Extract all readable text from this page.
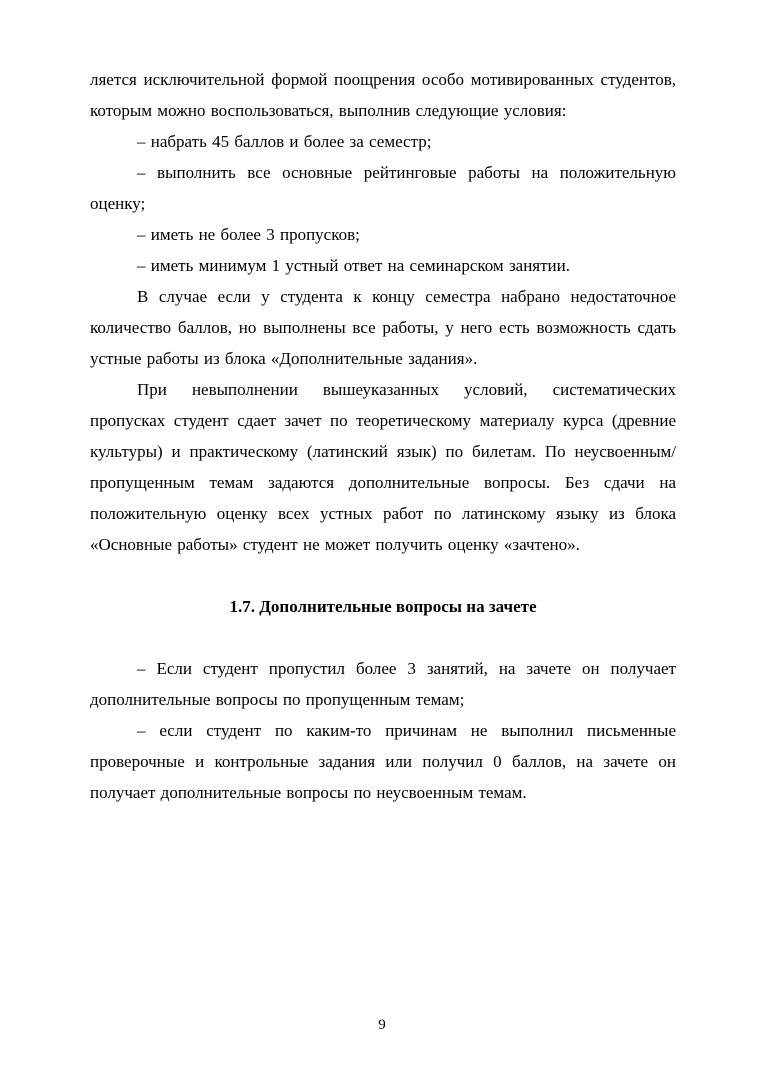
ляется исключительной формой поощрения особо мотивированных студентов, которым можно воспользоваться, выполнив следующие условия:

– набрать 45 баллов и более за семестр;

– выполнить все основные рейтинговые работы на положительную оценку;

– иметь не более 3 пропусков;

– иметь минимум 1 устный ответ на семинарском занятии.

В случае если у студента к концу семестра набрано недостаточное количество баллов, но выполнены все работы, у него есть возможность сдать устные работы из блока «Дополнительные задания».

При невыполнении вышеуказанных условий, систематических пропусках студент сдает зачет по теоретическому материалу курса (древние культуры) и практическому (латинский язык) по билетам. По неусвоенным/пропущенным темам задаются дополнительные вопросы. Без сдачи на положительную оценку всех устных работ по латинскому языку из блока «Основные работы» студент не может получить оценку «зачтено».

1.7. Дополнительные вопросы на зачете

– Если студент пропустил более 3 занятий, на зачете он получает дополнительные вопросы по пропущенным темам;

– если студент по каким-то причинам не выполнил письменные проверочные и контрольные задания или получил 0 баллов, на зачете он получает дополнительные вопросы по неусвоенным темам.

9
